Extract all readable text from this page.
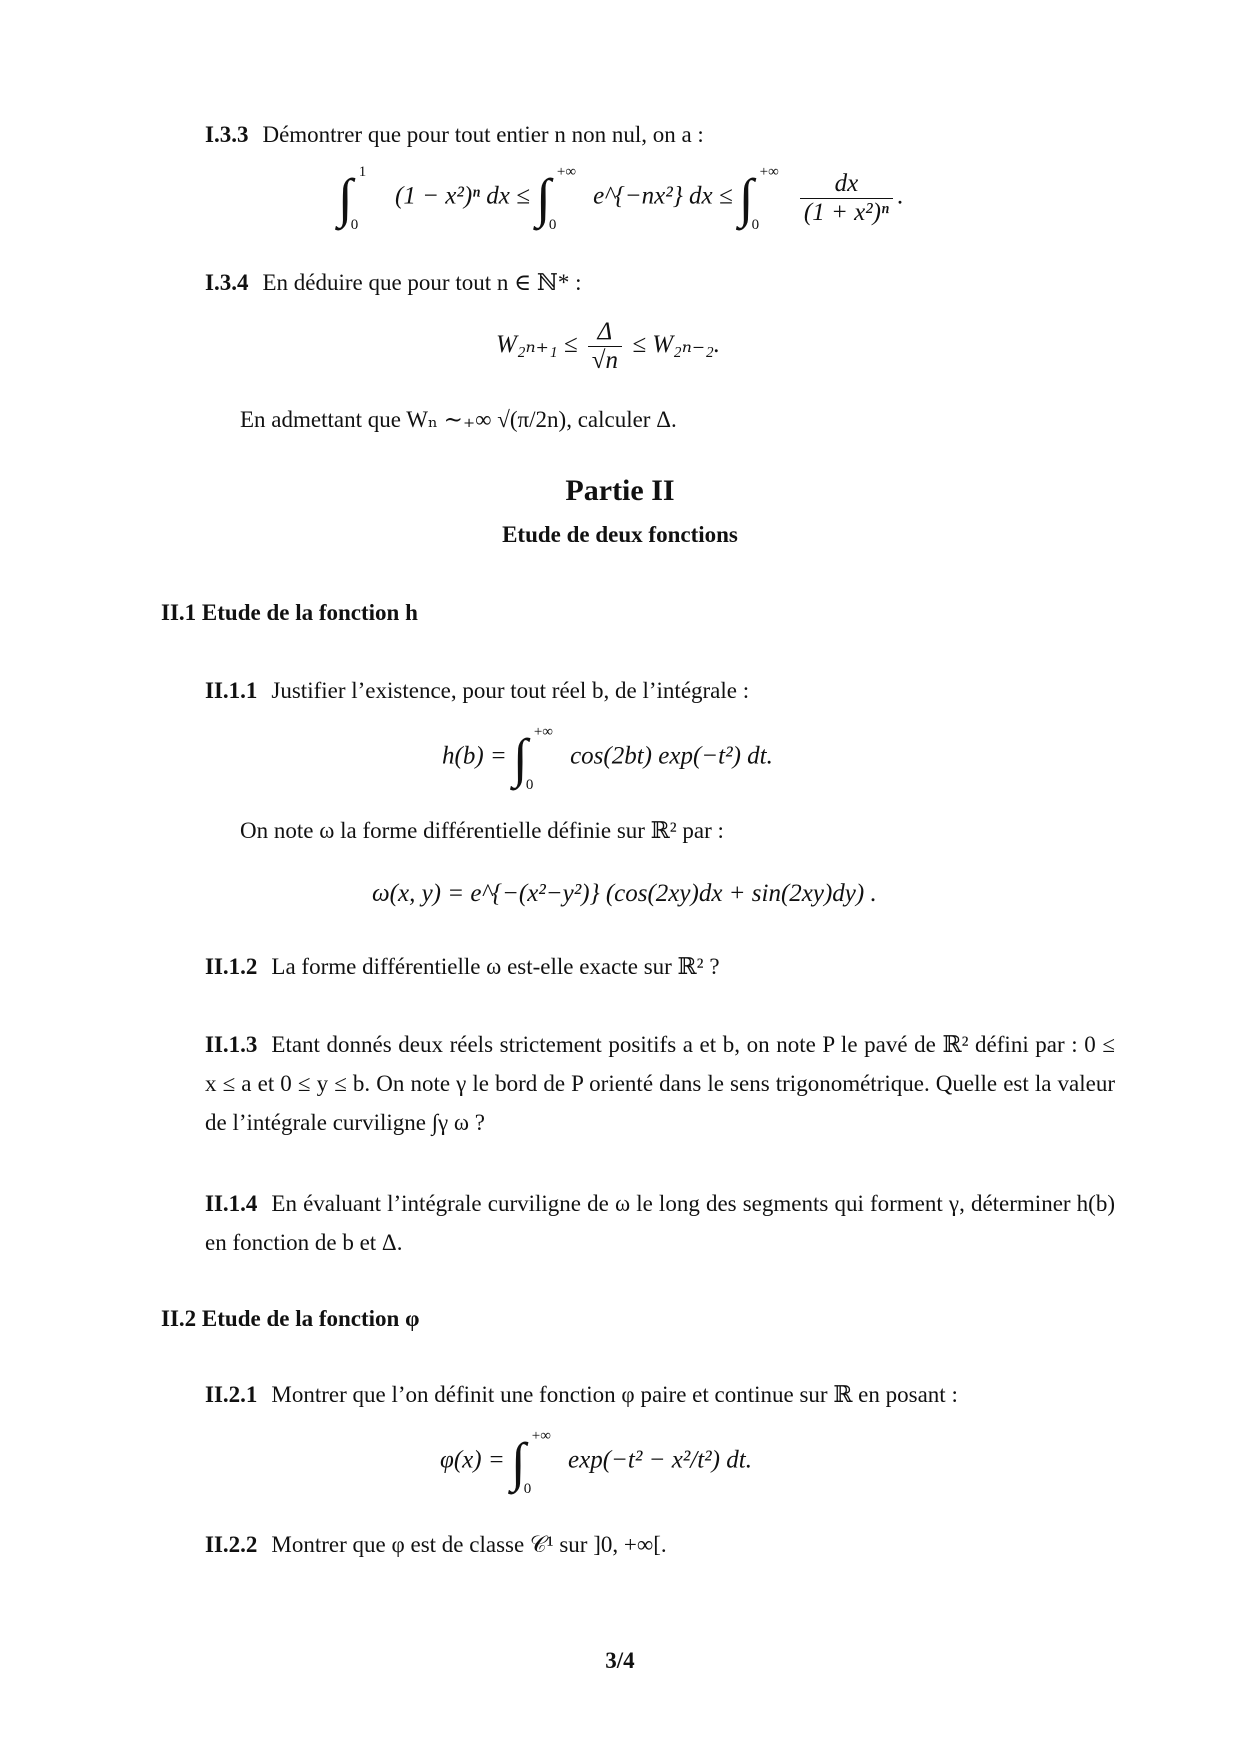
I.3.3 Démontrer que pour tout entier n non nul, on a :
∫ 1
0
(1 − x²)ⁿ dx ≤ ∫ +∞
0
e^{−nx²} dx ≤ ∫ +∞
0
$\frac{dx}{\text{(1 + x²)ⁿ}}$ .
I.3.4 En déduire que pour tout n ∈ ℕ* :
$W_{2n+1} \le \frac{\Delta}{√n} \le W_{2n-2}$.
En admettant que Wₙ ∼₊∞ √(π/2n), calculer Δ.
Partie II
Etude de deux fonctions
II.1 Etude de la fonction h
II.1.1 Justifier l’existence, pour tout réel b, de l’intégrale :
h(b) = ∫ +∞
0
cos(2bt) exp(−t²) dt.
On note ω la forme différentielle définie sur ℝ² par :
ω(x, y) = e^{−(x²−y²)} (cos(2xy)dx + sin(2xy)dy) .
II.1.2 La forme différentielle ω est-elle exacte sur ℝ² ?
II.1.3 Etant donnés deux réels strictement positifs a et b, on note P le pavé de ℝ² défini par : 0 ≤ x ≤ a et 0 ≤ y ≤ b. On note γ le bord de P orienté dans le sens trigonométrique. Quelle est la valeur de l’intégrale curviligne ∫γ ω ?
II.1.4 En évaluant l’intégrale curviligne de ω le long des segments qui forment γ, déterminer h(b) en fonction de b et Δ.
II.2 Etude de la fonction φ
II.2.1 Montrer que l’on définit une fonction φ paire et continue sur ℝ en posant :
φ(x) = ∫ +∞
0
exp(−t² − x²/t²) dt.
II.2.2 Montrer que φ est de classe 𝒞¹ sur ]0, +∞[.
3/4
